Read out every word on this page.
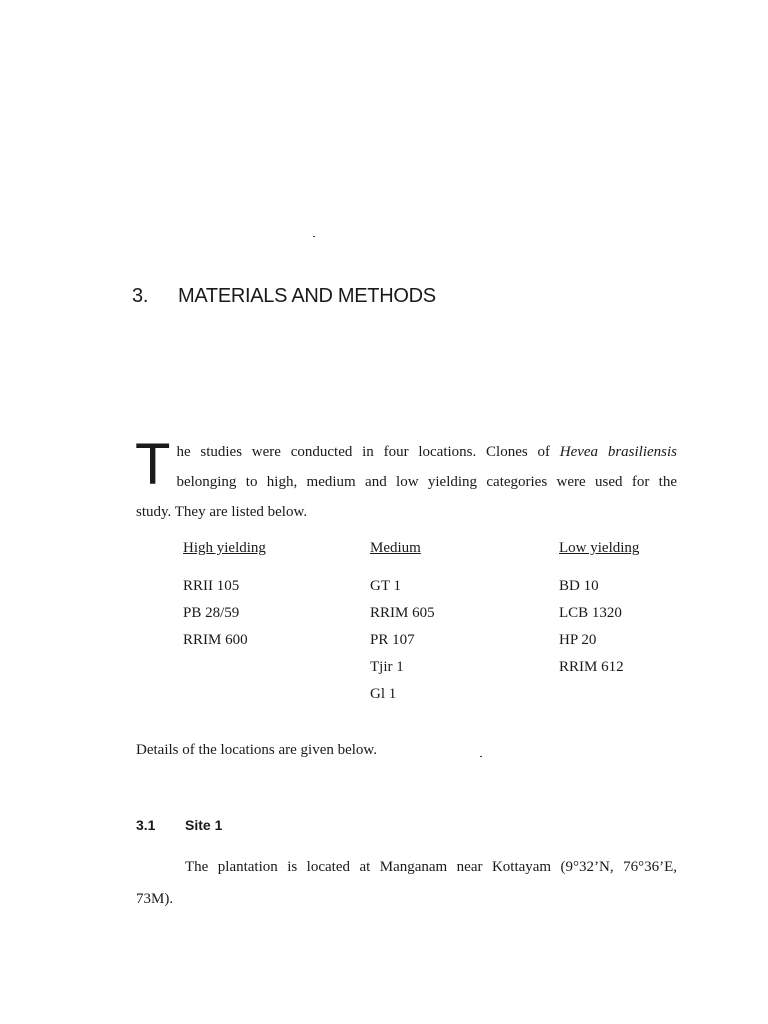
3. MATERIALS AND METHODS
T he studies were conducted in four locations. Clones of Hevea brasiliensis
belonging to high, medium and low yielding categories were used for the
study. They are listed below.
High yielding
RRII 105
PB 28/59
RRIM 600
Medium
GT 1
RRIM 605
PR 107
Tjir 1
Gl 1
Low yielding
BD 10
LCB 1320
HP 20
RRIM 612
Details of the locations are given below.
3.1 Site 1
The plantation is located at Manganam near Kottayam (9°32’N, 76°36’E,
73M).
